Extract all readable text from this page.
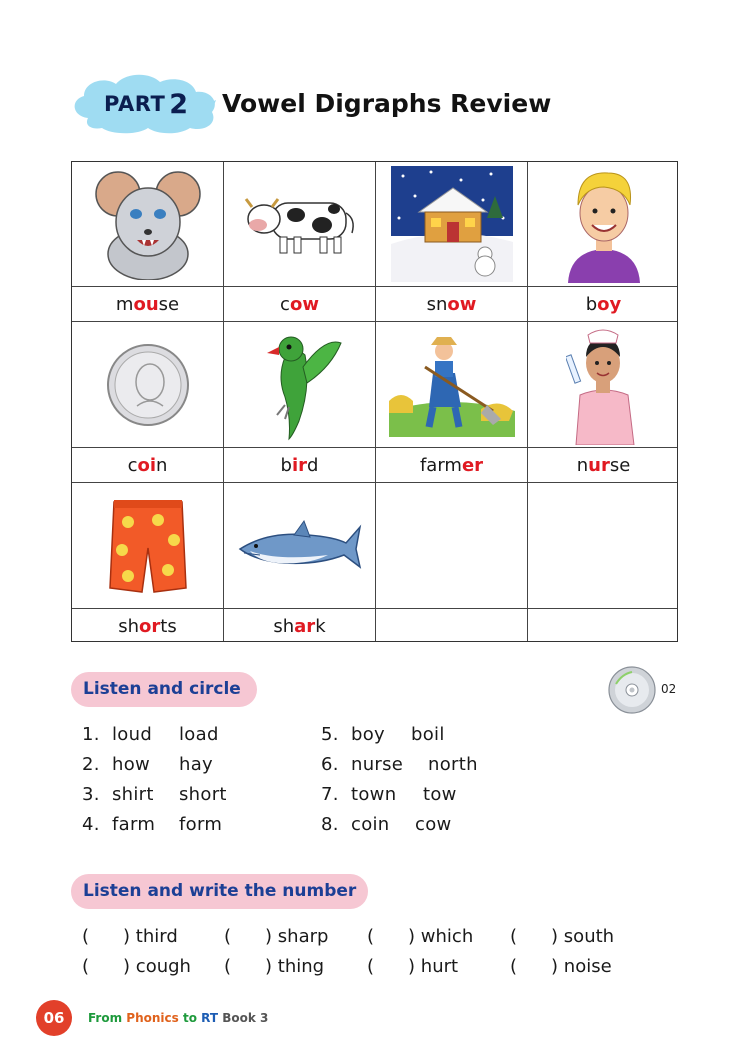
PART 2 Vowel Digraphs Review
mouse	cow	snow	boy
coin	bird	farmer	nurse
shorts	shark
Listen and circle	02
1. loud load
2. how hay
3. shirt short
4. farm form
5. boy boil
6. nurse north
7. town tow
8. coin cow
Listen and write the number
( ) third	( ) sharp ( ) which ( ) south
( ) cough ( ) thing ( ) hurt	( ) noise
06	From Phonics to RT Book 3
